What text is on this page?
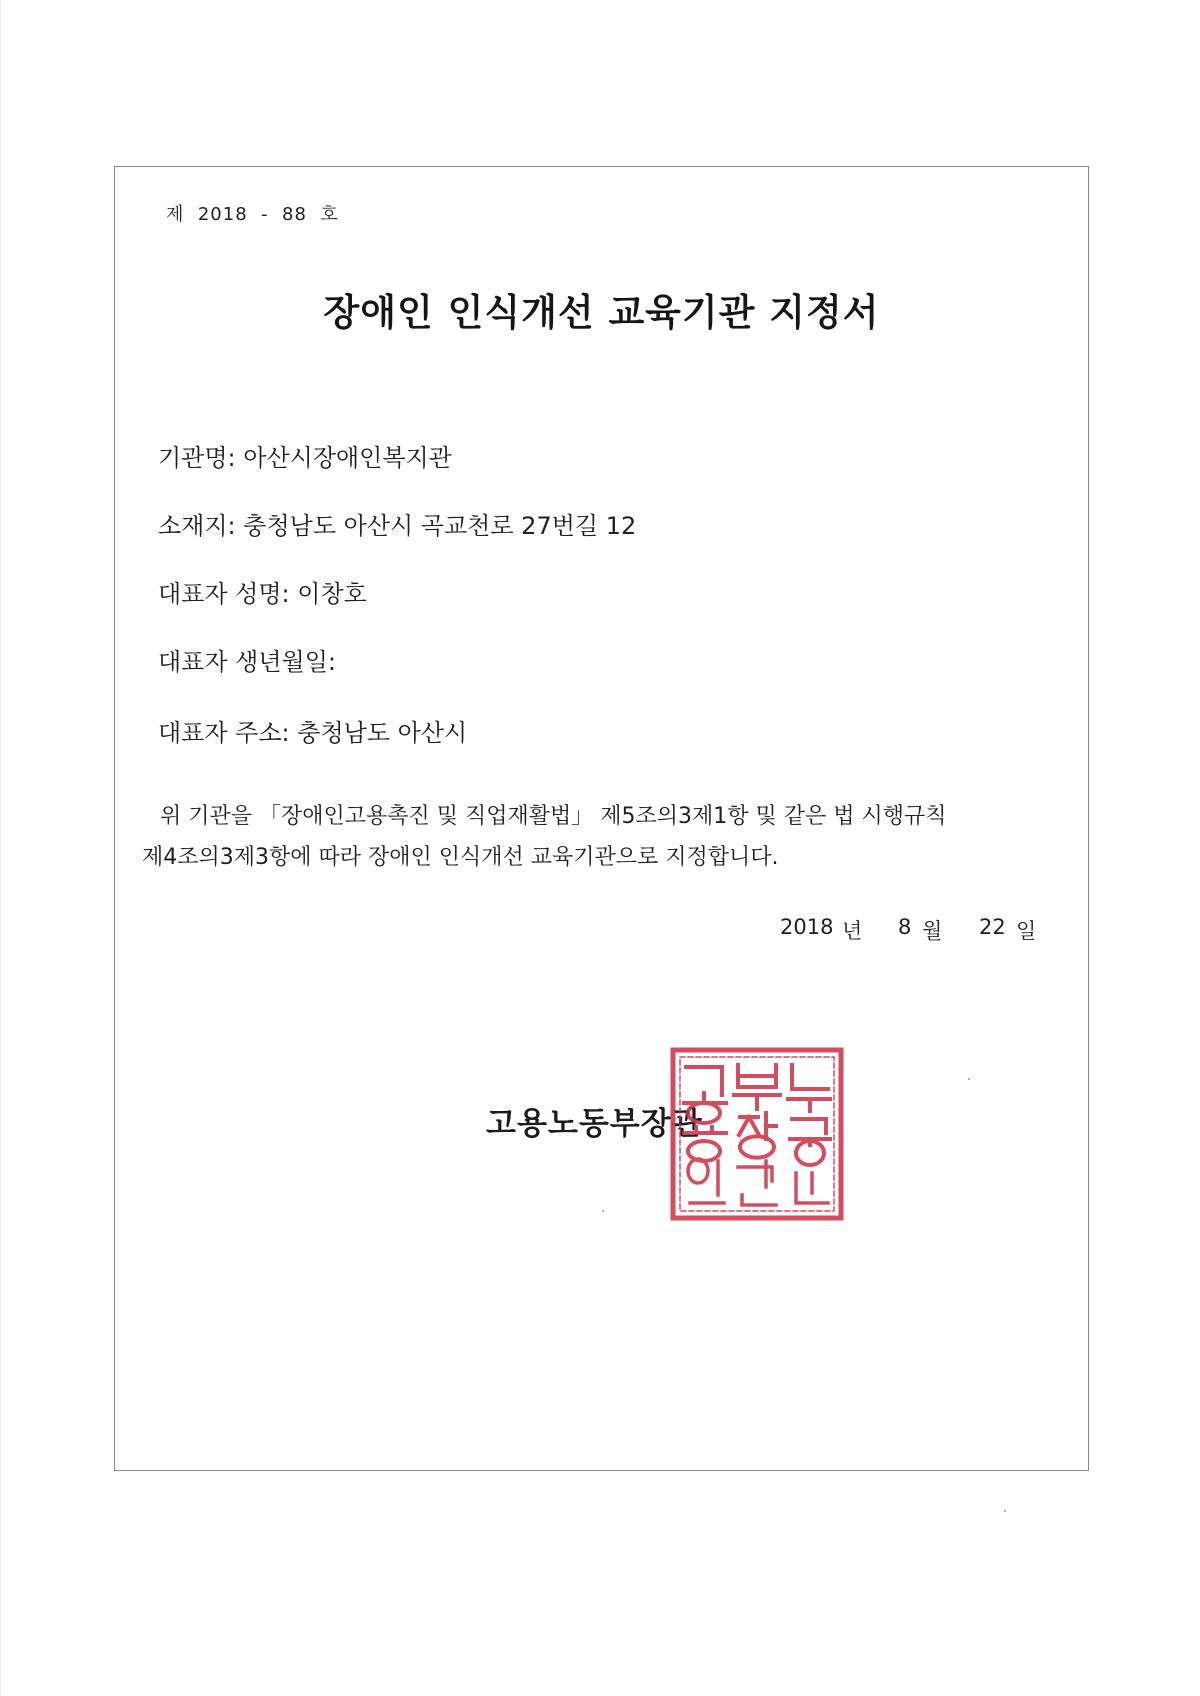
제  2018  -  88  호
장애인 인식개선 교육기관 지정서
기관명: 아산시장애인복지관
소재지: 충청남도 아산시 곡교천로 27번길 12
대표자 성명: 이창호
대표자 생년월일:
대표자 주소: 충청남도 아산시
위 기관을 「장애인고용촉진 및 직업재활법」 제5조의3제1항 및 같은 법 시행규칙
제4조의3제3항에 따라 장애인 인식개선 교육기관으로 지정합니다.
2018 년 8 월 22 일
고용노동부장관
